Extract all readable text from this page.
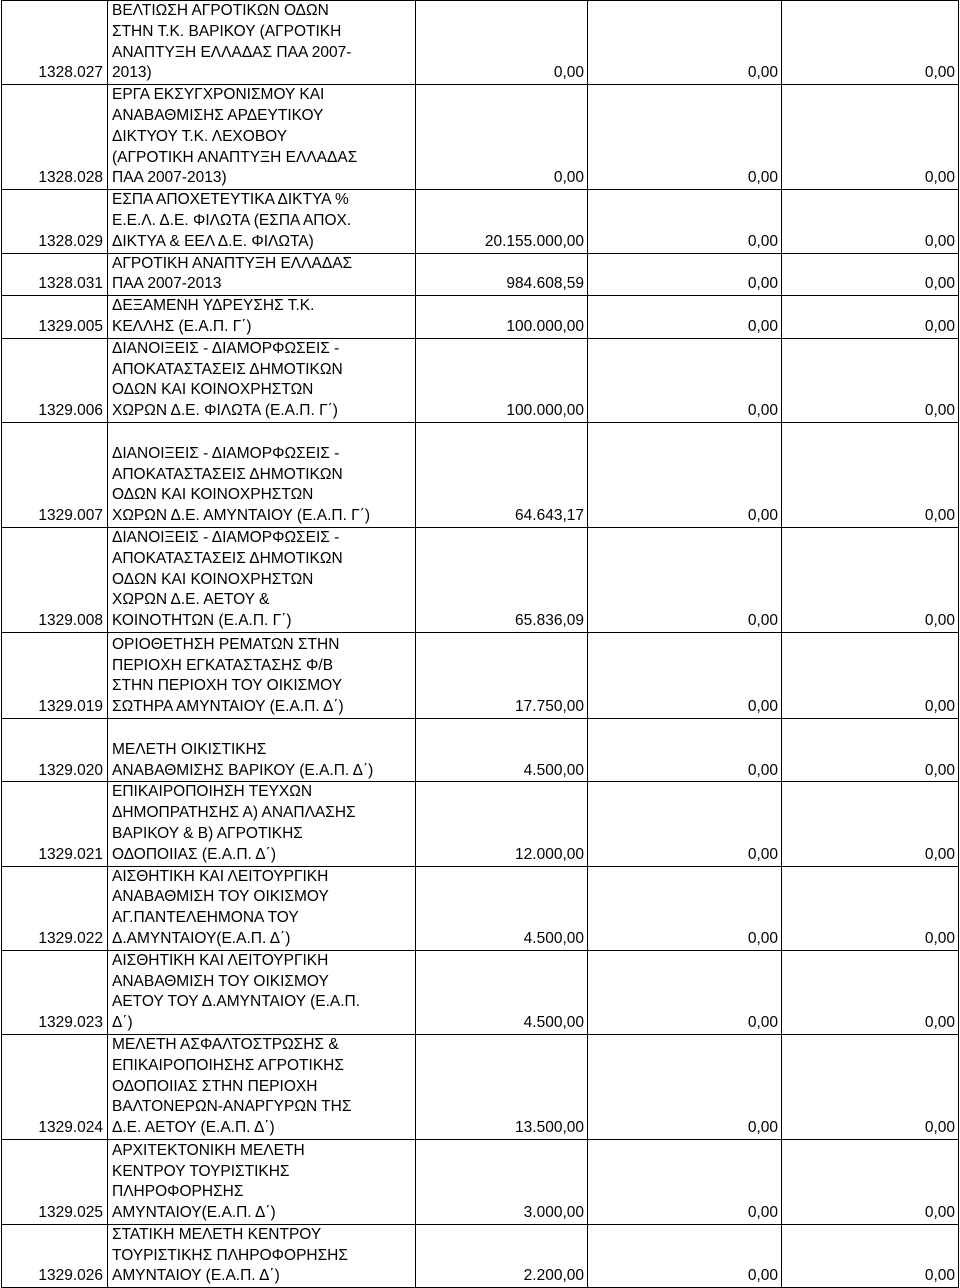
1328.027	ΒΕΛΤΙΩΣΗ ΑΓΡΟΤΙΚΩΝ ΟΔΩΝ
ΣΤΗΝ Τ.Κ. ΒΑΡΙΚΟΥ (ΑΓΡΟΤΙΚΗ
ΑΝΑΠΤΥΞΗ ΕΛΛΑΔΑΣ ΠΑΑ 2007-
2013)	0,00	0,00	0,00
1328.028	ΕΡΓΑ ΕΚΣΥΓΧΡΟΝΙΣΜΟΥ ΚΑΙ
ΑΝΑΒΑΘΜΙΣΗΣ ΑΡΔΕΥΤΙΚΟΥ
ΔΙΚΤΥΟΥ Τ.Κ. ΛΕΧΟΒΟΥ
(ΑΓΡΟΤΙΚΗ ΑΝΑΠΤΥΞΗ ΕΛΛΑΔΑΣ
ΠΑΑ 2007-2013)	0,00	0,00	0,00
1328.029	ΕΣΠΑ ΑΠΟΧΕΤΕΥΤΙΚΑ ΔΙΚΤΥΑ %
Ε.Ε.Λ. Δ.Ε. ΦΙΛΩΤΑ (ΕΣΠΑ ΑΠΟΧ.
ΔΙΚΤΥΑ & ΕΕΛ Δ.Ε. ΦΙΛΩΤΑ)	20.155.000,00	0,00	0,00
1328.031	ΑΓΡΟΤΙΚΗ ΑΝΑΠΤΥΞΗ ΕΛΛΑΔΑΣ
ΠΑΑ 2007-2013	984.608,59	0,00	0,00
1329.005	ΔΕΞΑΜΕΝΗ ΥΔΡΕΥΣΗΣ Τ.Κ.
ΚΕΛΛΗΣ (Ε.Α.Π. Γ΄)	100.000,00	0,00	0,00
1329.006	ΔΙΑΝΟΙΞΕΙΣ - ΔΙΑΜΟΡΦΩΣΕΙΣ -
ΑΠΟΚΑΤΑΣΤΑΣΕΙΣ ΔΗΜΟΤΙΚΩΝ
ΟΔΩΝ ΚΑΙ ΚΟΙΝΟΧΡΗΣΤΩΝ
ΧΩΡΩΝ Δ.Ε. ΦΙΛΩΤΑ (Ε.Α.Π. Γ΄)	100.000,00	0,00	0,00
1329.007	ΔΙΑΝΟΙΞΕΙΣ - ΔΙΑΜΟΡΦΩΣΕΙΣ -
ΑΠΟΚΑΤΑΣΤΑΣΕΙΣ ΔΗΜΟΤΙΚΩΝ
ΟΔΩΝ ΚΑΙ ΚΟΙΝΟΧΡΗΣΤΩΝ
ΧΩΡΩΝ Δ.Ε. ΑΜΥΝΤΑΙΟΥ (Ε.Α.Π. Γ΄)	64.643,17	0,00	0,00
1329.008	ΔΙΑΝΟΙΞΕΙΣ - ΔΙΑΜΟΡΦΩΣΕΙΣ -
ΑΠΟΚΑΤΑΣΤΑΣΕΙΣ ΔΗΜΟΤΙΚΩΝ
ΟΔΩΝ ΚΑΙ ΚΟΙΝΟΧΡΗΣΤΩΝ
ΧΩΡΩΝ Δ.Ε. ΑΕΤΟΥ &
ΚΟΙΝΟΤΗΤΩΝ (Ε.Α.Π. Γ΄)	65.836,09	0,00	0,00
1329.019	ΟΡΙΟΘΕΤΗΣΗ ΡΕΜΑΤΩΝ ΣΤΗΝ
ΠΕΡΙΟΧΗ ΕΓΚΑΤΑΣΤΑΣΗΣ Φ/Β
ΣΤΗΝ ΠΕΡΙΟΧΗ ΤΟΥ ΟΙΚΙΣΜΟΥ
ΣΩΤΗΡΑ ΑΜΥΝΤΑΙΟΥ (Ε.Α.Π. Δ΄)	17.750,00	0,00	0,00
1329.020	ΜΕΛΕΤΗ ΟΙΚΙΣΤΙΚΗΣ
ΑΝΑΒΑΘΜΙΣΗΣ ΒΑΡΙΚΟΥ (Ε.Α.Π. Δ΄)	4.500,00	0,00	0,00
1329.021	ΕΠΙΚΑΙΡΟΠΟΙΗΣΗ ΤΕΥΧΩΝ
ΔΗΜΟΠΡΑΤΗΣΗΣ Α) ΑΝΑΠΛΑΣΗΣ
ΒΑΡΙΚΟΥ & Β) ΑΓΡΟΤΙΚΗΣ
ΟΔΟΠΟΙΙΑΣ (Ε.Α.Π. Δ΄)	12.000,00	0,00	0,00
1329.022	ΑΙΣΘΗΤΙΚΗ ΚΑΙ ΛΕΙΤΟΥΡΓΙΚΗ
ΑΝΑΒΑΘΜΙΣΗ ΤΟΥ ΟΙΚΙΣΜΟΥ
ΑΓ.ΠΑΝΤΕΛΕΗΜΟΝΑ ΤΟΥ
Δ.ΑΜΥΝΤΑΙΟΥ(Ε.Α.Π. Δ΄)	4.500,00	0,00	0,00
1329.023	ΑΙΣΘΗΤΙΚΗ ΚΑΙ ΛΕΙΤΟΥΡΓΙΚΗ
ΑΝΑΒΑΘΜΙΣΗ ΤΟΥ ΟΙΚΙΣΜΟΥ
ΑΕΤΟΥ ΤΟΥ Δ.ΑΜΥΝΤΑΙΟΥ (Ε.Α.Π.
Δ΄)	4.500,00	0,00	0,00
1329.024	ΜΕΛΕΤΗ ΑΣΦΑΛΤΟΣΤΡΩΣΗΣ &
ΕΠΙΚΑΙΡΟΠΟΙΗΣΗΣ ΑΓΡΟΤΙΚΗΣ
ΟΔΟΠΟΙΙΑΣ ΣΤΗΝ ΠΕΡΙΟΧΗ
ΒΑΛΤΟΝΕΡΩΝ-ΑΝΑΡΓΥΡΩΝ ΤΗΣ
Δ.Ε. ΑΕΤΟΥ (Ε.Α.Π. Δ΄)	13.500,00	0,00	0,00
1329.025	ΑΡΧΙΤΕΚΤΟΝΙΚΗ ΜΕΛΕΤΗ
ΚΕΝΤΡΟΥ ΤΟΥΡΙΣΤΙΚΗΣ
ΠΛΗΡΟΦΟΡΗΣΗΣ
ΑΜΥΝΤΑΙΟΥ(Ε.Α.Π. Δ΄)	3.000,00	0,00	0,00
1329.026	ΣΤΑΤΙΚΗ ΜΕΛΕΤΗ ΚΕΝΤΡΟΥ
ΤΟΥΡΙΣΤΙΚΗΣ ΠΛΗΡΟΦΟΡΗΣΗΣ
ΑΜΥΝΤΑΙΟΥ (Ε.Α.Π. Δ΄)	2.200,00	0,00	0,00
